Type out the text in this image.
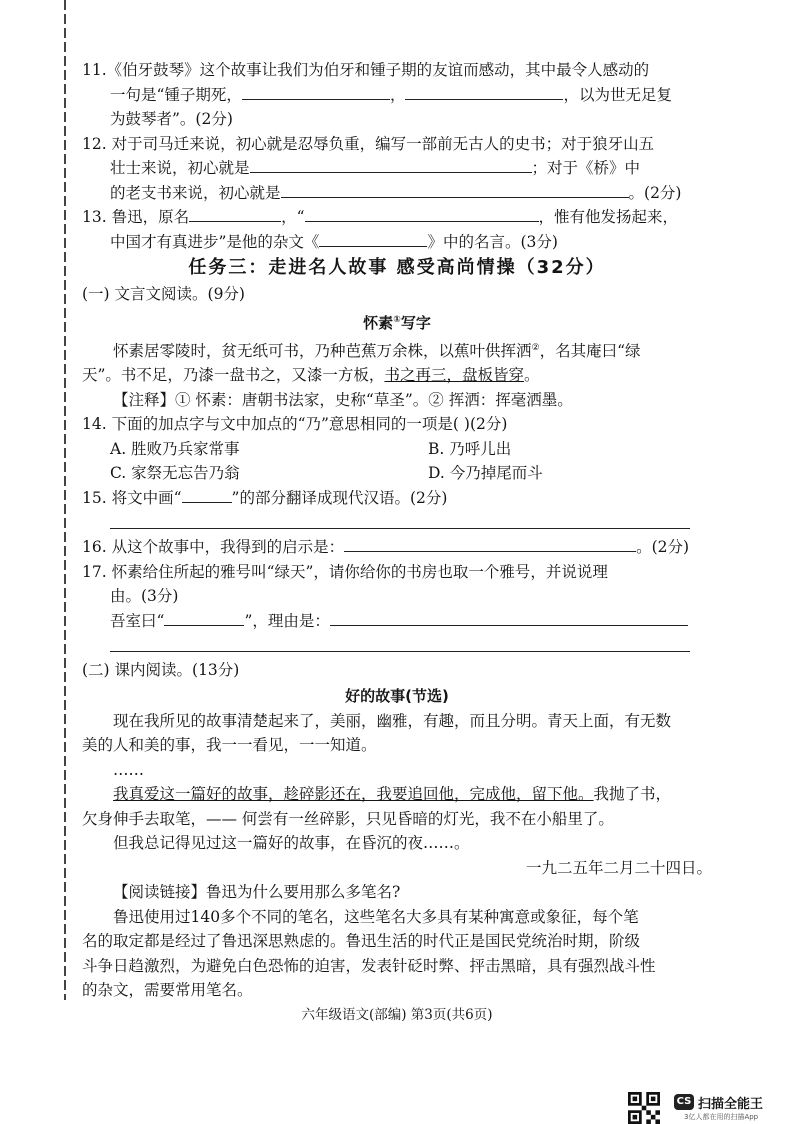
11.《伯牙鼓琴》这个故事让我们为伯牙和锺子期的友谊而感动，其中最令人感动的
一句是“锺子期死，	，	，以为世无足复
为鼓琴者”。(2分)
12. 对于司马迁来说，初心就是忍辱负重，编写一部前无古人的史书；对于狼牙山五
壮士来说，初心就是	；对于《桥》中
的老支书来说，初心就是	。(2分)
13. 鲁迅，原名	，“	，惟有他发扬起来，
中国才有真进步”是他的杂文《	》中的名言。(3分)
任务三：走进名人故事 感受高尚情操（32分）
(一) 文言文阅读。(9分)
怀素①写字
怀素居零陵时，贫无纸可书，乃种芭蕉万余株，以蕉叶供挥洒②，名其庵曰“绿
天”。书不足，乃漆一盘书之，又漆一方板，书之再三，盘板皆穿。
【注释】① 怀素：唐朝书法家，史称“草圣”。② 挥洒：挥毫洒墨。
14. 下面的加点字与文中加点的“乃”意思相同的一项是( )(2分)
A. 胜败乃兵家常事	B. 乃呼儿出
C. 家祭无忘告乃翁	D. 今乃掉尾而斗
15. 将文中画“	”的部分翻译成现代汉语。(2分)
16. 从这个故事中，我得到的启示是：	。(2分)
17. 怀素给住所起的雅号叫“绿天”，请你给你的书房也取一个雅号，并说说理
由。(3分)
吾室曰“	”，理由是：
(二) 课内阅读。(13分)
好的故事(节选)
现在我所见的故事清楚起来了，美丽，幽雅，有趣，而且分明。青天上面，有无数
美的人和美的事，我一一看见，一一知道。
……
我真爱这一篇好的故事，趁碎影还在，我要追回他，完成他，留下他。我抛了书，
欠身伸手去取笔，—— 何尝有一丝碎影，只见昏暗的灯光，我不在小船里了。
但我总记得见过这一篇好的故事，在昏沉的夜……。
一九二五年二月二十四日。
【阅读链接】鲁迅为什么要用那么多笔名?
鲁迅使用过140多个不同的笔名，这些笔名大多具有某种寓意或象征，每个笔
名的取定都是经过了鲁迅深思熟虑的。鲁迅生活的时代正是国民党统治时期，阶级
斗争日趋激烈，为避免白色恐怖的迫害，发表针砭时弊、抨击黑暗，具有强烈战斗性
的杂文，需要常用笔名。
六年级语文(部编) 第3页(共6页)
CS 扫描全能王
3亿人都在用的扫描App
